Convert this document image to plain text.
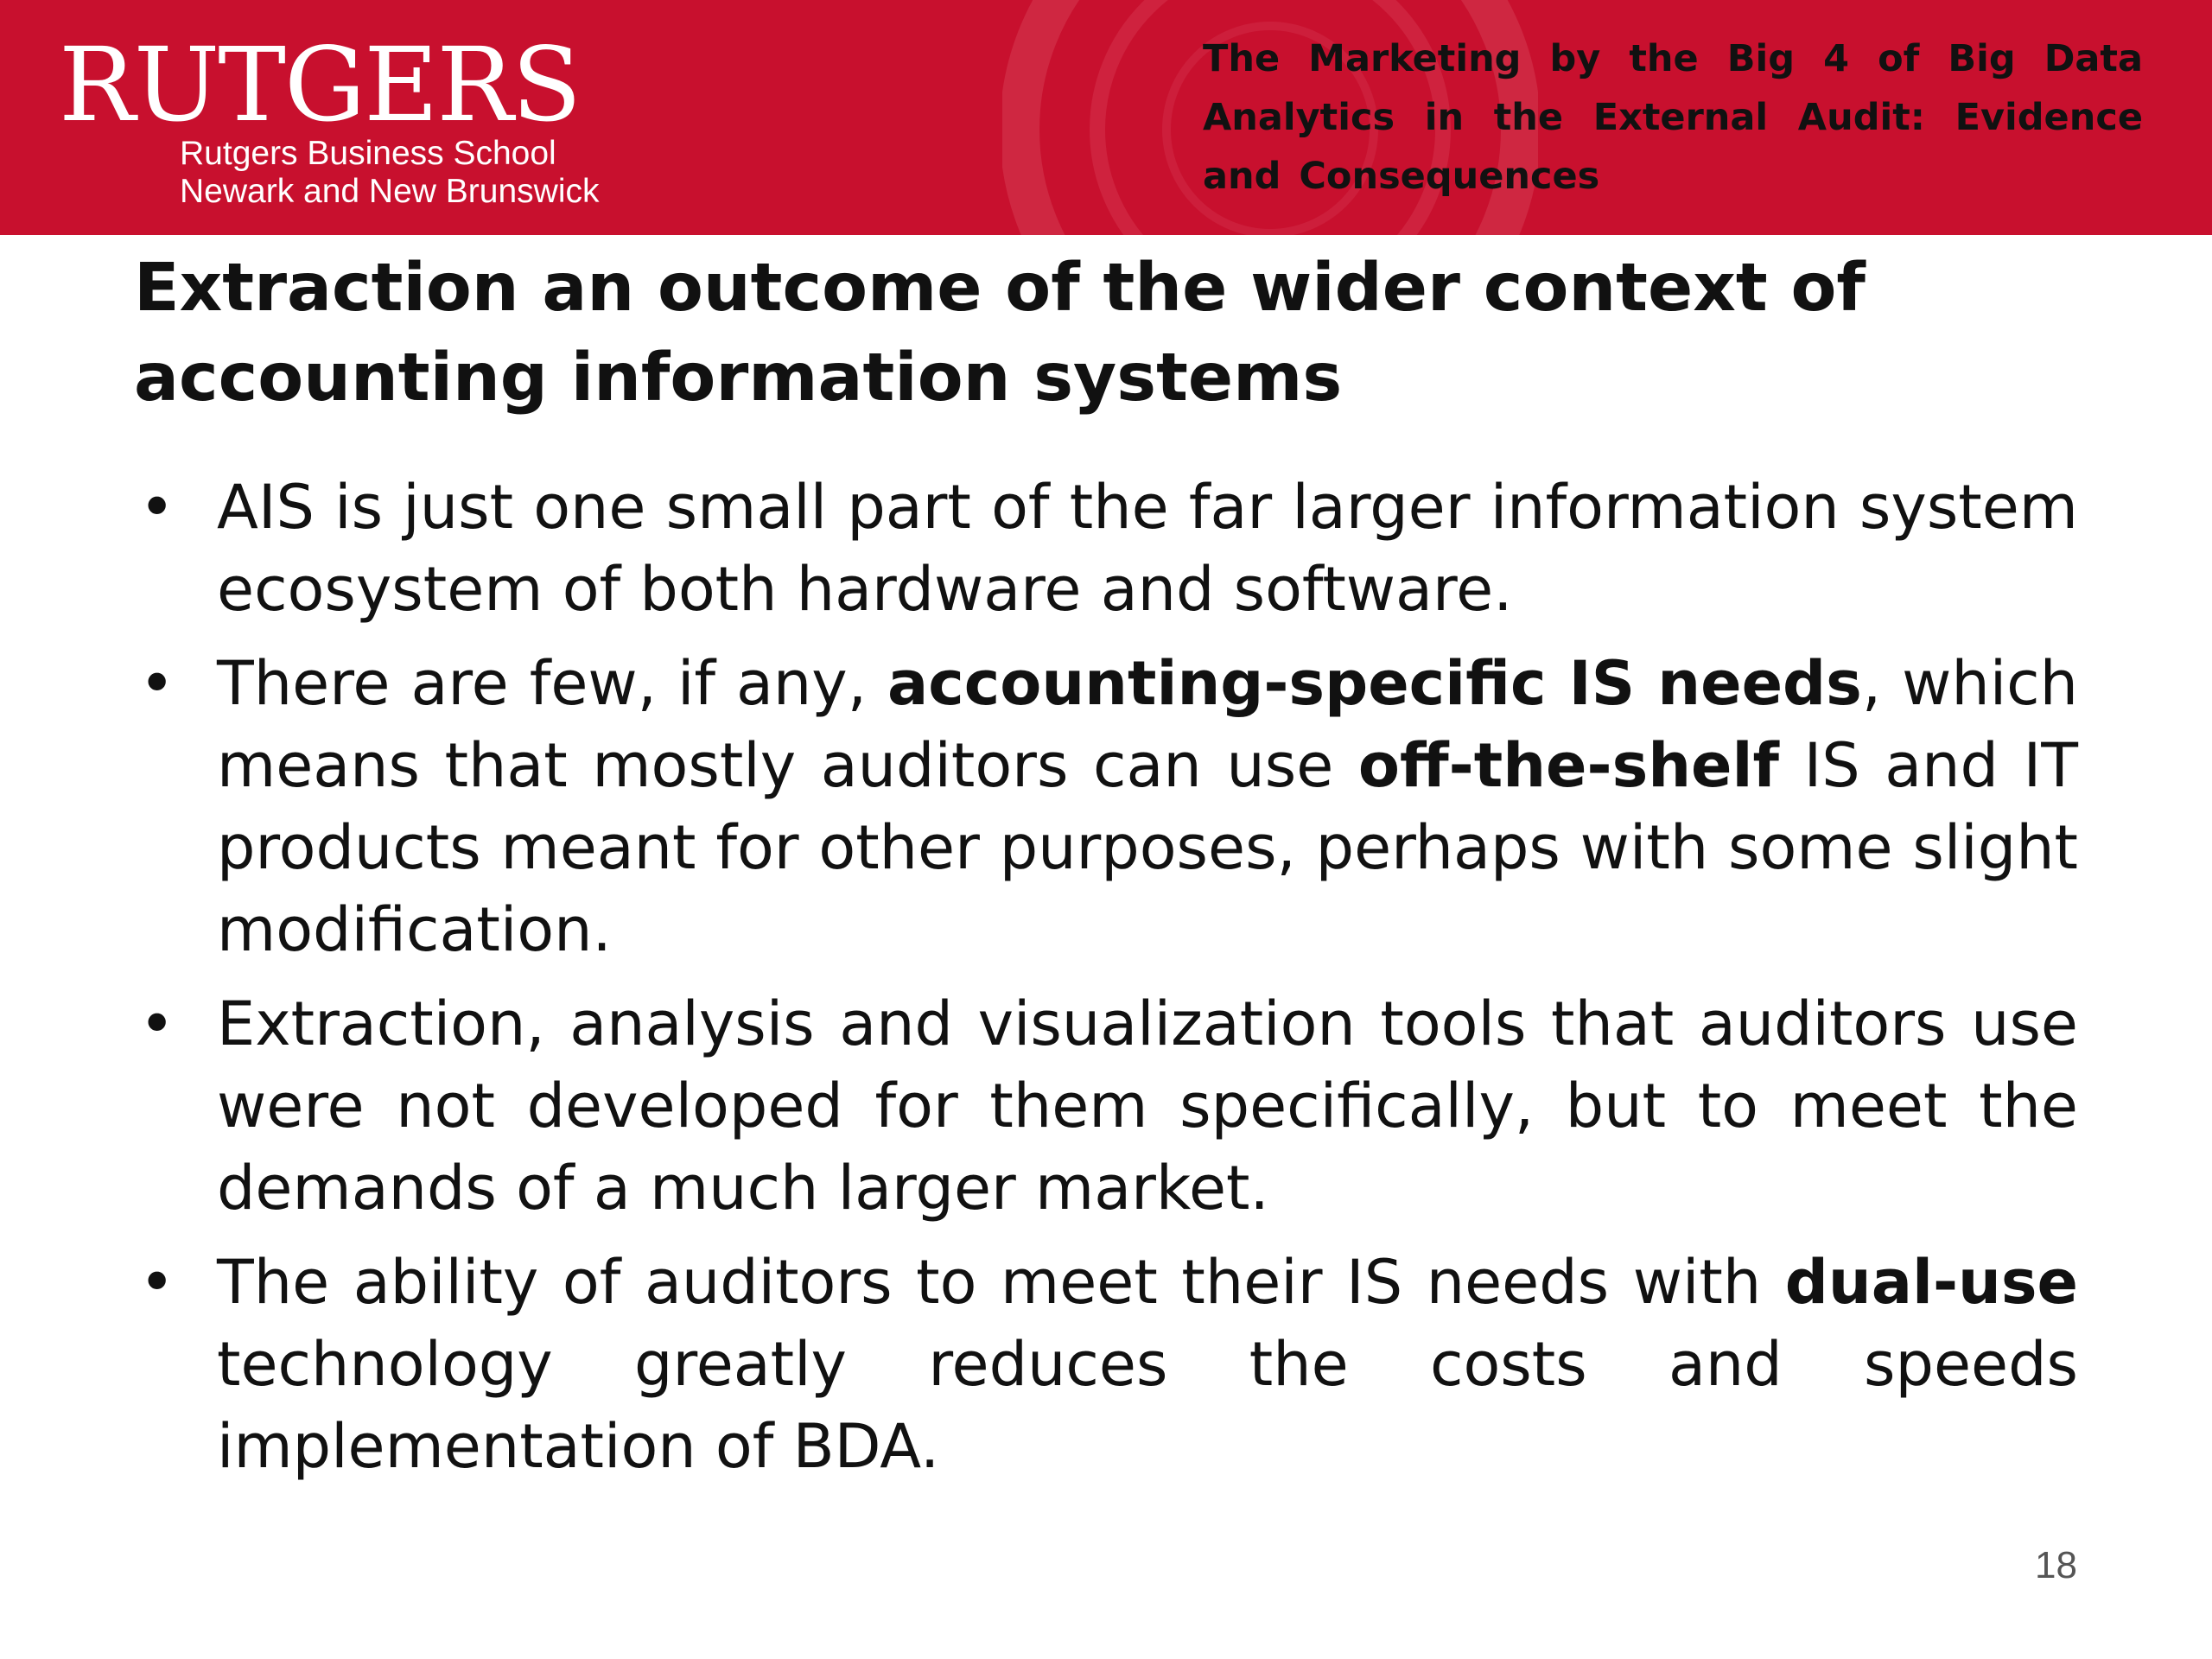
RUTGERS
Rutgers Business School
Newark and New Brunswick
The Marketing by the Big 4 of Big Data Analytics in the External Audit: Evidence and Consequences
Extraction an outcome of the wider context of accounting information systems
• AIS is just one small part of the far larger information system ecosystem of both hardware and software.
• There are few, if any, accounting-specific IS needs, which means that mostly auditors can use off-the-shelf IS and IT products meant for other purposes, perhaps with some slight modification.
• Extraction, analysis and visualization tools that auditors use were not developed for them specifically, but to meet the demands of a much larger market.
• The ability of auditors to meet their IS needs with dual-use technology greatly reduces the costs and speeds implementation of BDA.
18
